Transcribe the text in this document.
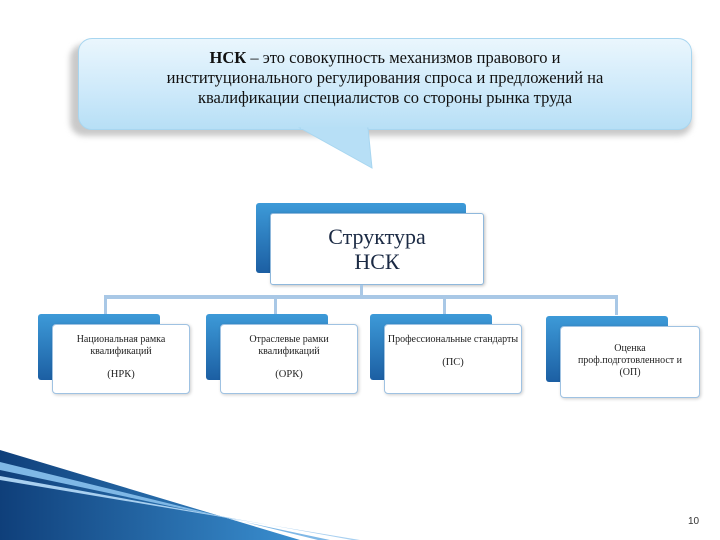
НСК – это совокупность механизмов правового и
институционального регулирования спроса и предложений на
квалификации специалистов со стороны рынка труда
Структура
НСК
Национальная рамка квалификаций
(НРК)
Отраслевые рамки квалификаций
(ОРК)
Профессиональные стандарты
(ПС)
Оценка проф.подготовленност и (ОП)
10
